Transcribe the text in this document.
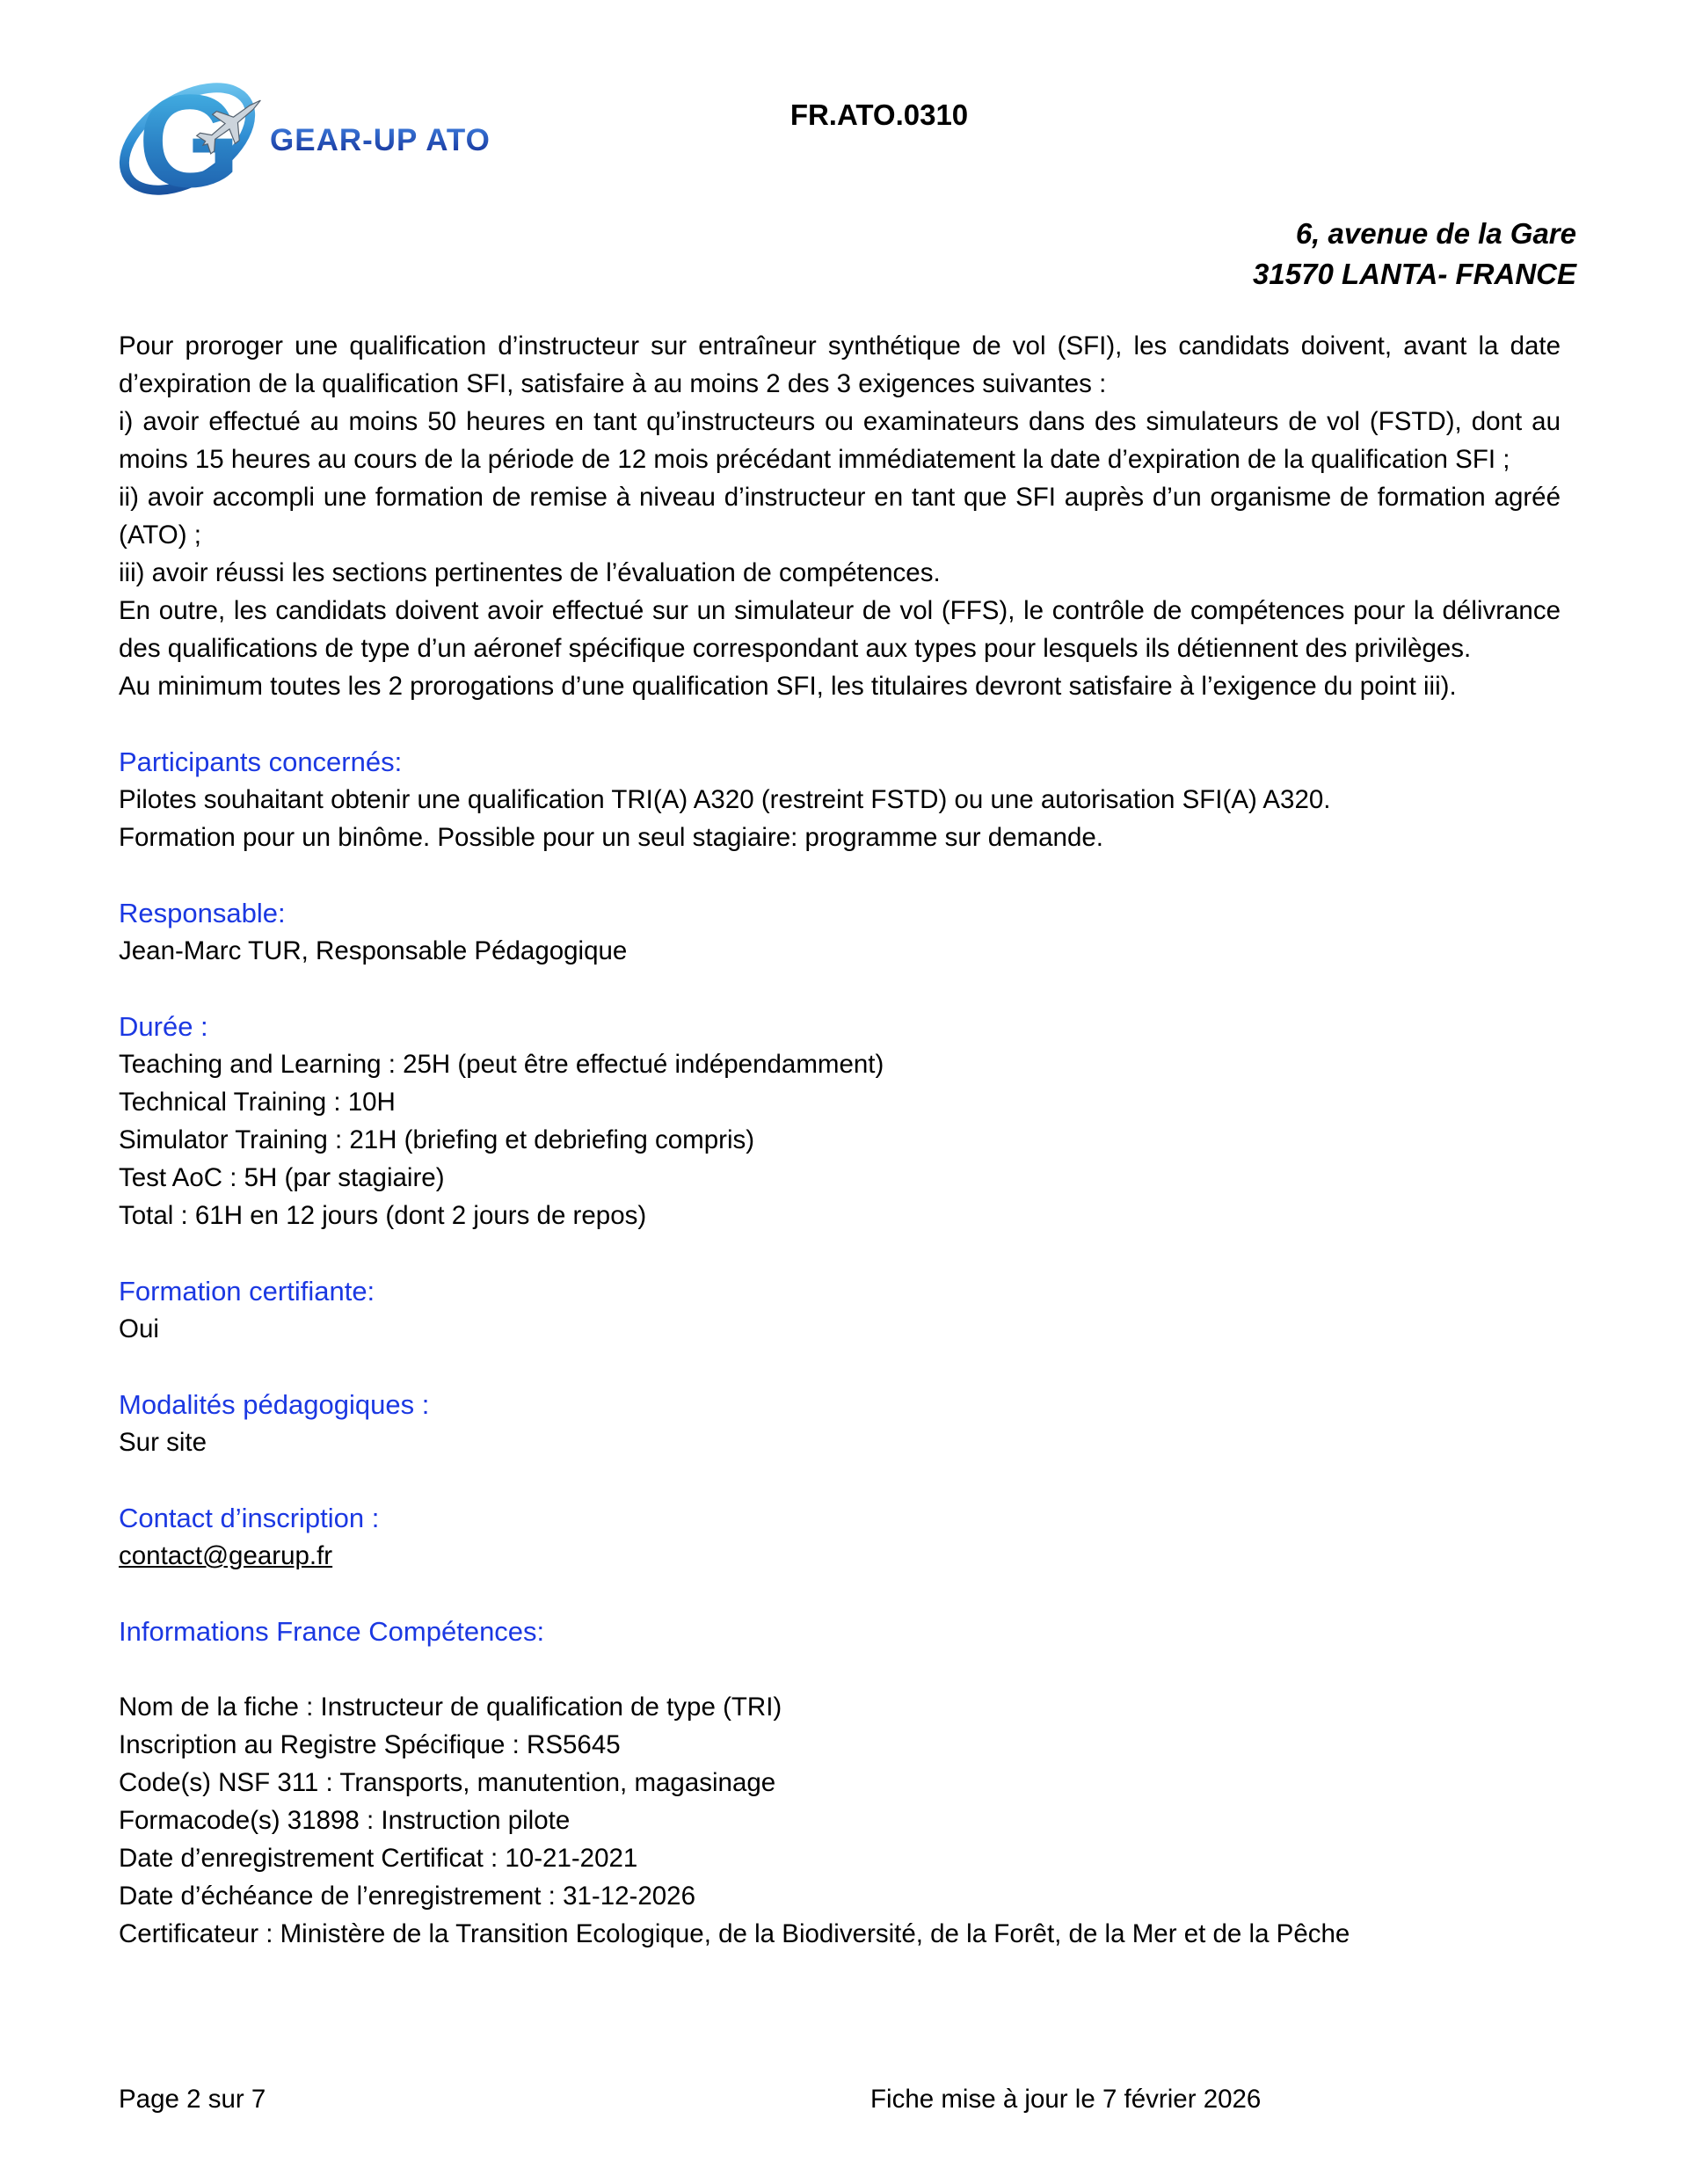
G GEAR-UP ATO
FR.ATO.0310
6, avenue de la Gare
31570 LANTA- FRANCE
Pour proroger une qualification d’instructeur sur entraîneur synthétique de vol (SFI), les candidats doivent, avant la date d’expiration de la qualification SFI, satisfaire à au moins 2 des 3 exigences suivantes :
i) avoir effectué au moins 50 heures en tant qu’instructeurs ou examinateurs dans des simulateurs de vol (FSTD), dont au moins 15 heures au cours de la période de 12 mois précédant immédiatement la date d’expiration de la qualification SFI ;
ii) avoir accompli une formation de remise à niveau d’instructeur en tant que SFI auprès d’un organisme de formation agréé (ATO) ;
iii) avoir réussi les sections pertinentes de l’évaluation de compétences.
En outre, les candidats doivent avoir effectué sur un simulateur de vol (FFS), le contrôle de compétences pour la délivrance des qualifications de type d’un aéronef spécifique correspondant aux types pour lesquels ils détiennent des privilèges.
Au minimum toutes les 2 prorogations d’une qualification SFI, les titulaires devront satisfaire à l’exigence du point iii).
Participants concernés:
Pilotes souhaitant obtenir une qualification TRI(A) A320 (restreint FSTD) ou une autorisation SFI(A) A320.
Formation pour un binôme. Possible pour un seul stagiaire: programme sur demande.
Responsable:
Jean-Marc TUR, Responsable Pédagogique
Durée :
Teaching and Learning : 25H (peut être effectué indépendamment)
Technical Training : 10H
Simulator Training : 21H (briefing et debriefing compris)
Test AoC : 5H (par stagiaire)
Total : 61H en 12 jours (dont 2 jours de repos)
Formation certifiante:
Oui
Modalités pédagogiques :
Sur site
Contact d’inscription :
contact@gearup.fr
Informations France Compétences:
Nom de la fiche : Instructeur de qualification de type (TRI)
Inscription au Registre Spécifique : RS5645
Code(s) NSF 311 : Transports, manutention, magasinage
Formacode(s) 31898 : Instruction pilote
Date d’enregistrement Certificat : 10-21-2021
Date d’échéance de l’enregistrement : 31-12-2026
Certificateur : Ministère de la Transition Ecologique, de la Biodiversité, de la Forêt, de la Mer et de la Pêche
Page 2 sur 7	Fiche mise à jour le 7 février 2026
